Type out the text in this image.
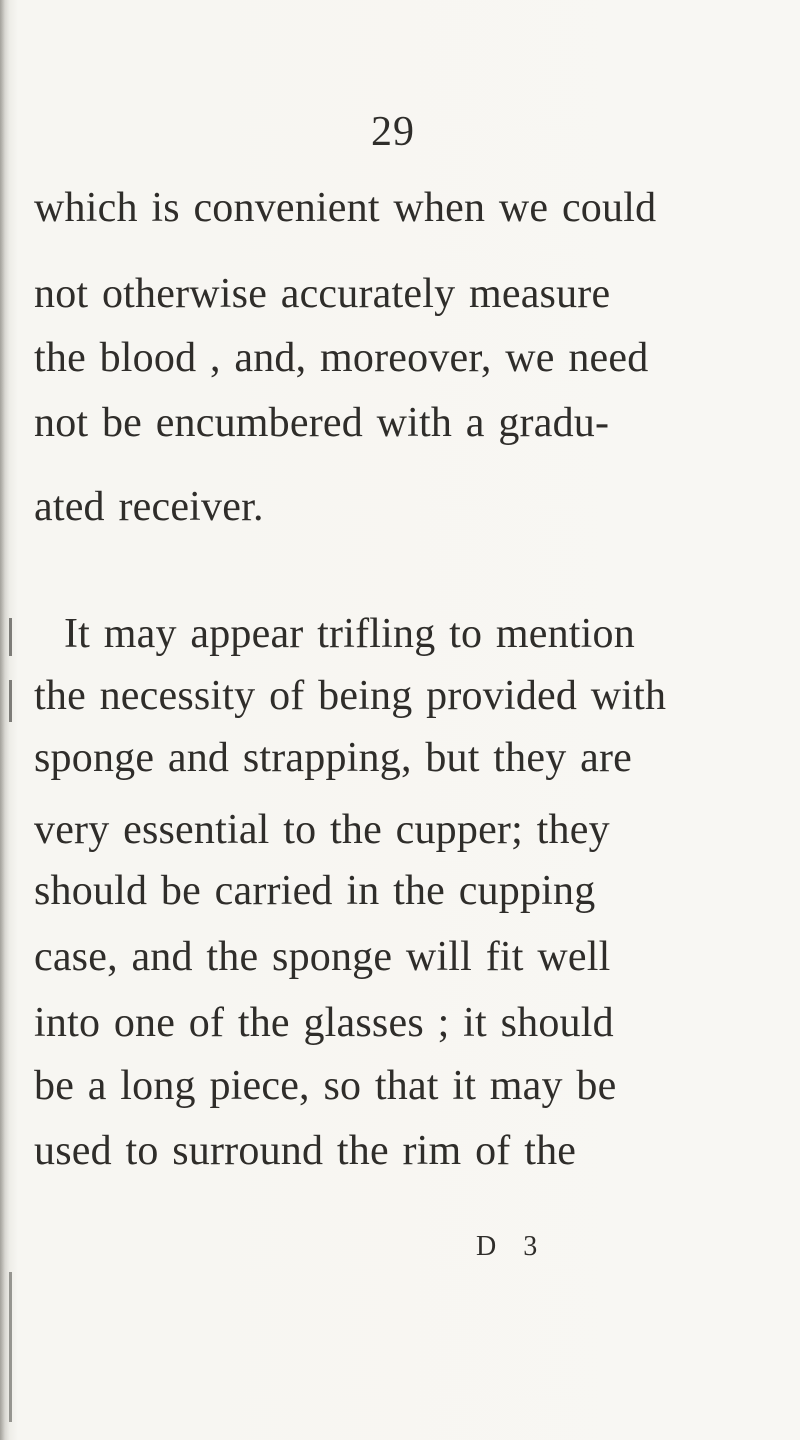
29
which is convenient when we could
not otherwise accurately measure
the blood , and, moreover, we need
not be encumbered with a gradu-
ated receiver.
It may appear trifling to mention
the necessity of being provided with
sponge and strapping, but they are
very essential to the cupper; they
should be carried in the cupping
case, and the sponge will fit well
into one of the glasses ; it should
be a long piece, so that it may be
used to surround the rim of the
D 3
